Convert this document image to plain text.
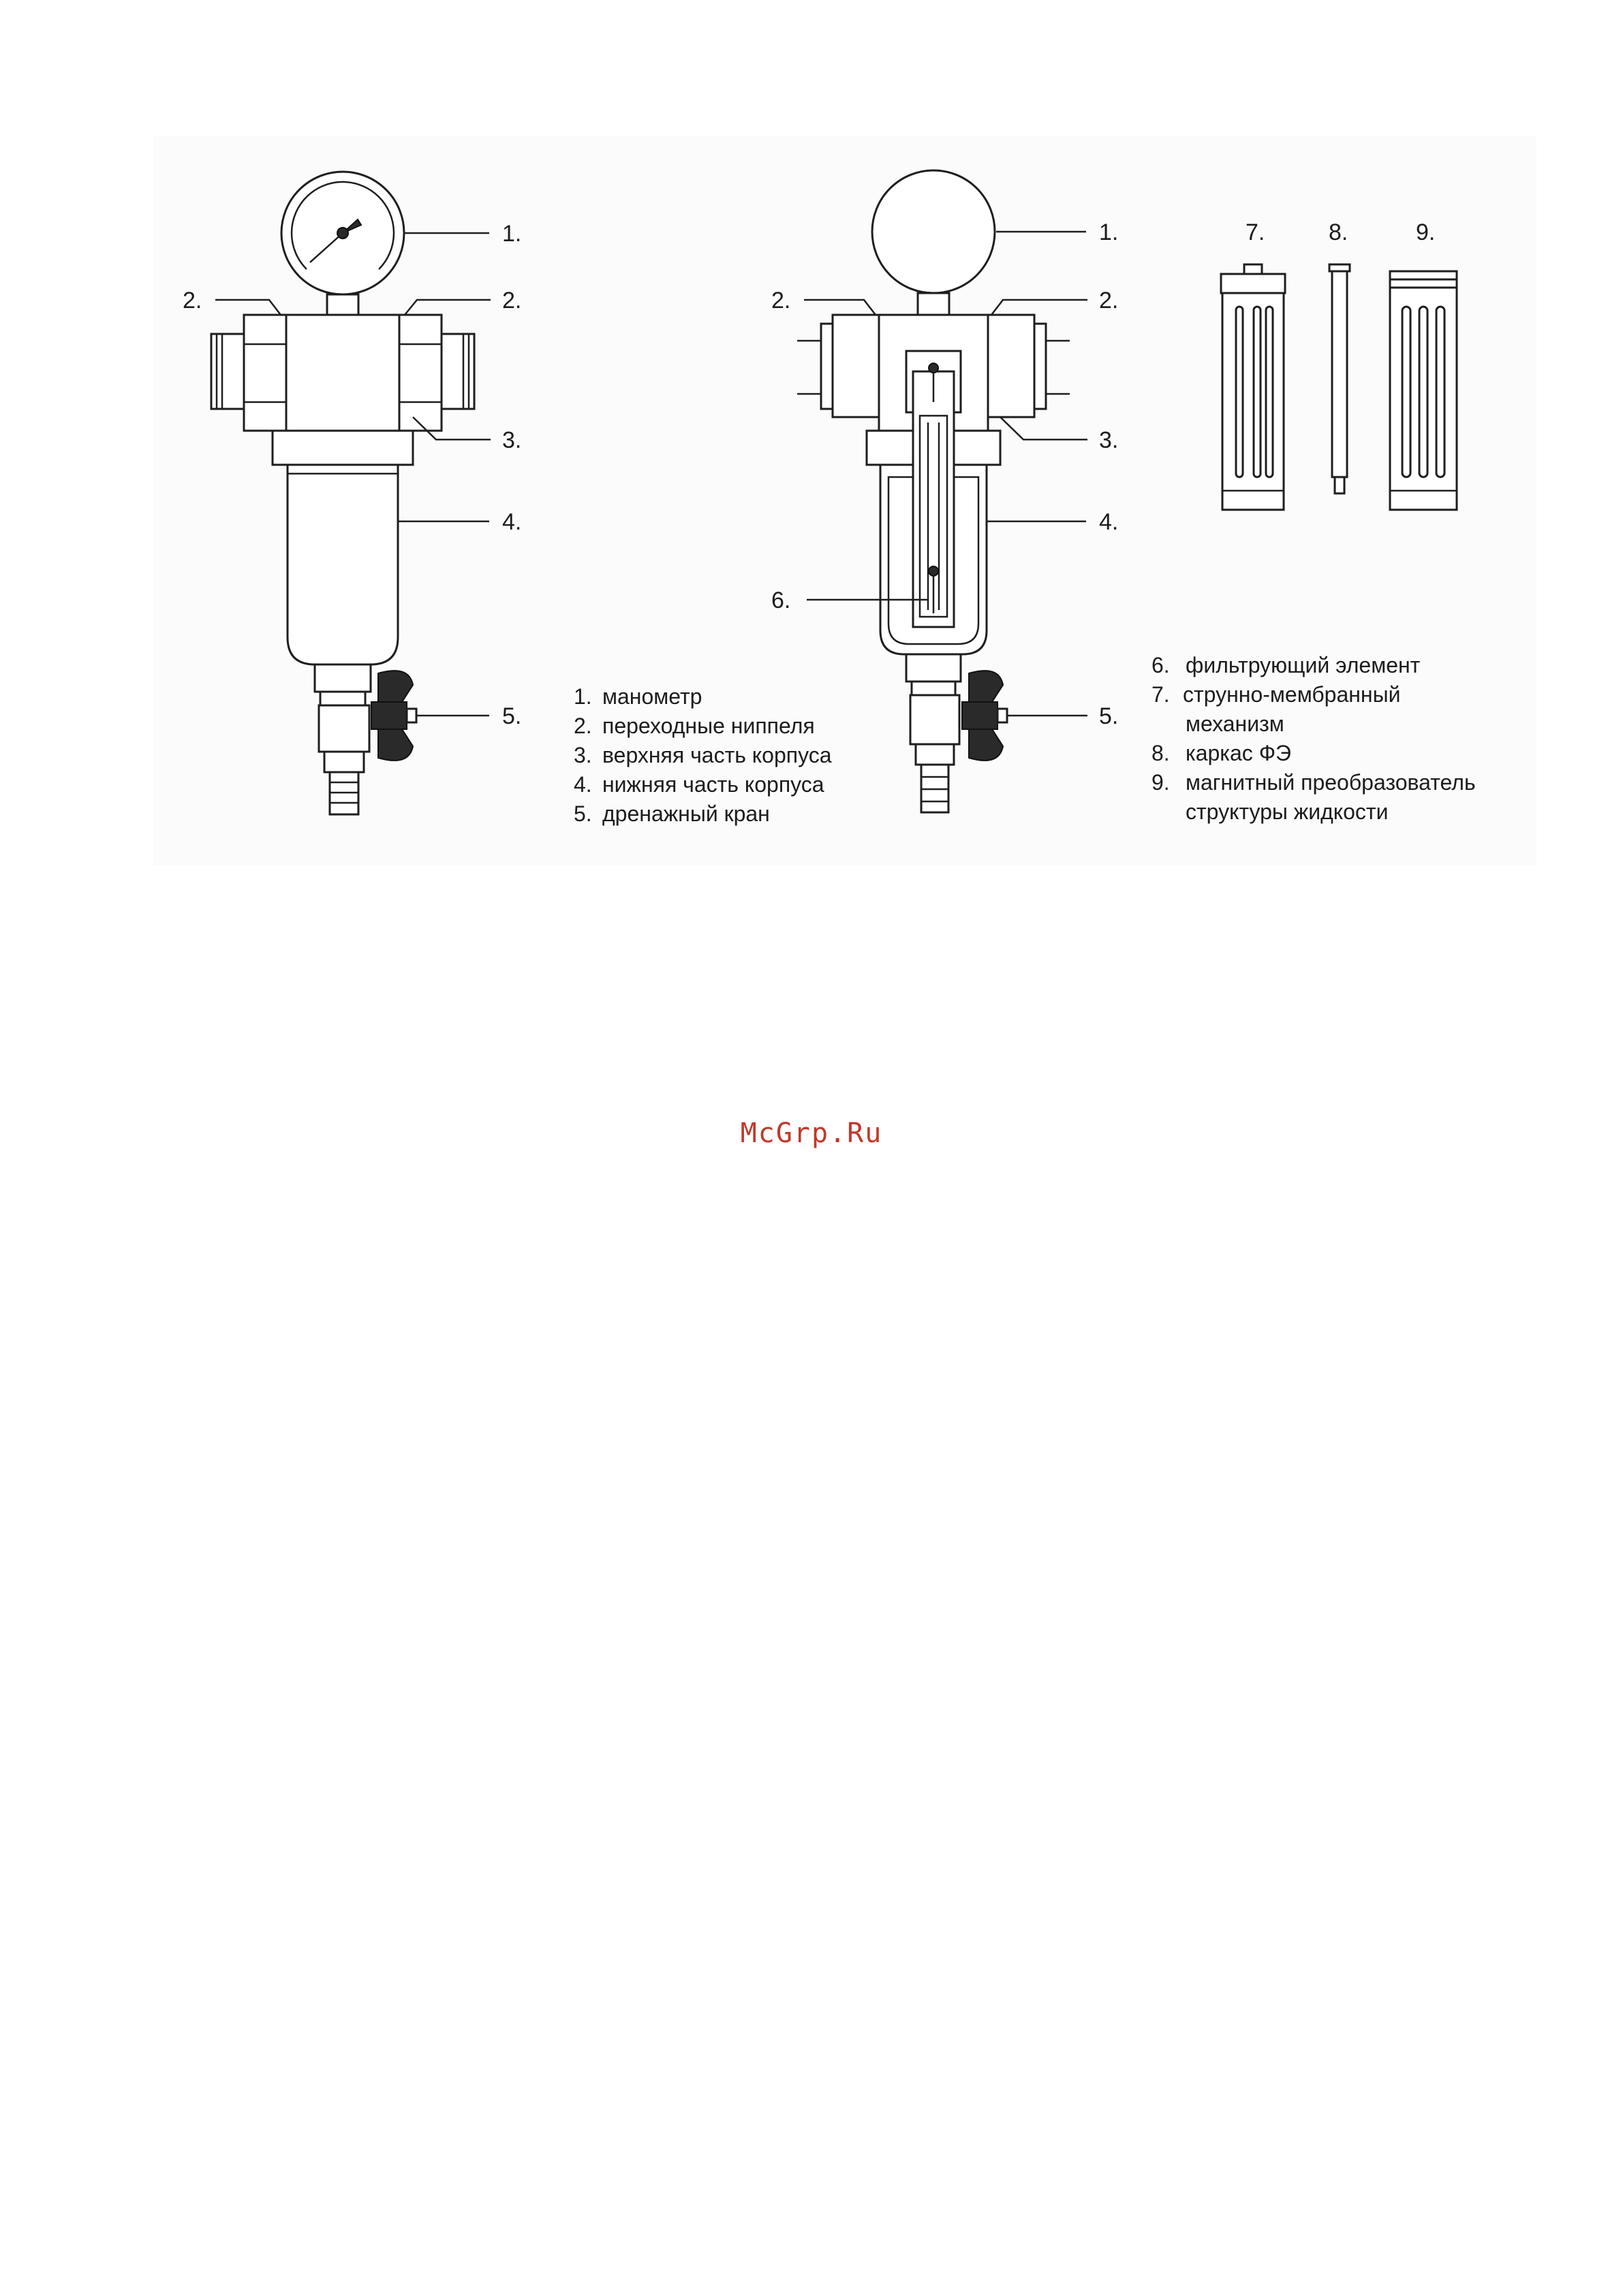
1.
2.	2.
3.
4.
5.
1.
2.	2.
3.
4.
5.
6.
7.	8.	9.
1. манометр
2. переходные ниппеля
3. верхняя часть корпуса
4. нижняя часть корпуса
5. дренажный кран
6. фильтрующий элемент
7. струнно-мембранный
механизм
8. каркас ФЭ
9. магнитный преобразователь
структуры жидкости
McGrp.Ru
